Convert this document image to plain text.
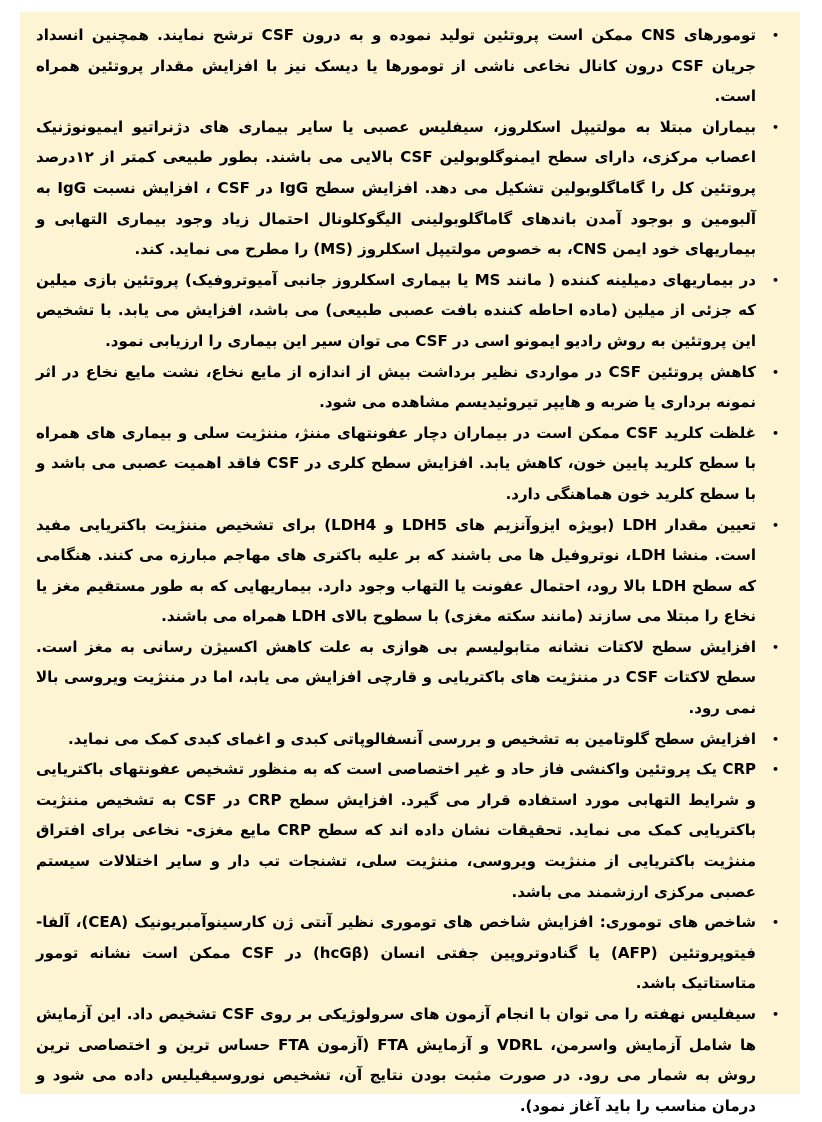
•
تومورهای CNS ممکن است پروتئین تولید نموده و به درون CSF ترشح نمایند. همچنین انسداد جریان CSF درون کانال نخاعی ناشی از تومورها یا دیسک نیز با افزایش مقدار پروتئین همراه است.
•
بیماران مبتلا به مولتیپل اسکلروز، سیفلیس عصبی یا سایر بیماری های دژنراتیو ایمیونوژنیک اعصاب مرکزی، دارای سطح ایمنوگلوبولین CSF بالایی می باشند. بطور طبیعی کمتر از ۱۲درصد پروتئین کل را گاماگلوبولین تشکیل می دهد. افزایش سطح IgG در CSF ، افزایش نسبت IgG به آلبومین و بوجود آمدن باندهای گاماگلوبولینی الیگوکلونال احتمال زیاد وجود بیماری التهابی و بیماریهای خود ایمن CNS، به خصوص مولتیپل اسکلروز (MS) را مطرح می نماید. کند.
•
در بیماریهای دمیلینه کننده ( مانند MS یا بیماری اسکلروز جانبی آمیوتروفیک) پروتئین بازی میلین که جزئی از میلین (ماده احاطه کننده بافت عصبی طبیعی) می باشد، افزایش می یابد. با تشخیص این پروتئین به روش رادیو ایمونو اسی در CSF می توان سیر این بیماری را ارزیابی نمود.
•
کاهش پروتئین CSF در مواردی نظیر برداشت بیش از اندازه از مایع نخاع، نشت مایع نخاع در اثر نمونه برداری یا ضربه و هایپر تیروئیدیسم مشاهده می شود.
•
غلظت کلرید CSF ممکن است در بیماران دچار عفونتهای مننژ، مننژیت سلی و بیماری های همراه با سطح کلرید پایین خون، کاهش یابد. افزایش سطح کلری در CSF فاقد اهمیت عصبی می باشد و با سطح کلرید خون هماهنگی دارد.
•
تعیین مقدار LDH (بویژه ایزوآنزیم های LDH5 و LDH4) برای تشخیص مننژیت باکتریایی مفید است. منشا LDH، نوتروفیل ها می باشند که بر علیه باکتری های مهاجم مبارزه می کنند. هنگامی که سطح LDH بالا رود، احتمال عفونت یا التهاب وجود دارد. بیماریهایی که به طور مستقیم مغز یا نخاع را مبتلا می سازند (مانند سکته مغزی) با سطوح بالای LDH همراه می باشند.
•
افزایش سطح لاکتات نشانه متابولیسم بی هوازی به علت کاهش اکسیژن رسانی به مغز است. سطح لاکتات CSF در مننژیت های باکتریایی و قارچی افزایش می یابد، اما در مننژیت ویروسی بالا نمی رود.
•
افزایش سطح گلوتامین به تشخیص و بررسی آنسفالوپاتی کبدی و اغمای کبدی کمک می نماید.
•
CRP یک پروتئین واکنشی فاز حاد و غیر اختصاصی است که به منظور تشخیص عفونتهای باکتریایی و شرایط التهابی مورد استفاده قرار می گیرد. افزایش سطح CRP در CSF به تشخیص مننژیت باکتریایی کمک می نماید. تحقیقات نشان داده اند که سطح CRP مایع مغزی- نخاعی برای افتراق مننژیت باکتریایی از مننژیت ویروسی، مننژیت سلی، تشنجات تب دار و سایر اختلالات سیستم عصبی مرکزی ارزشمند می باشد.
•
شاخص های توموری: افزایش شاخص های توموری نظیر آنتی ژن کارسینوآمبریونیک (CEA)، آلفا-فیتوپروتئین (AFP) یا گنادوتروپین جفتی انسان (hcGβ) در CSF ممکن است نشانه تومور متاستاتیک باشد.
•
سیفلیس نهفته را می توان با انجام آزمون های سرولوژیکی بر روی CSF تشخیص داد. این آزمایش ها شامل آزمایش واسرمن، VDRL و آزمایش FTA (آزمون FTA حساس ترین و اختصاصی ترین روش به شمار می رود. در صورت مثبت بودن نتایج آن، تشخیص نوروسیفیلیس داده می شود و درمان مناسب را باید آغاز نمود).
